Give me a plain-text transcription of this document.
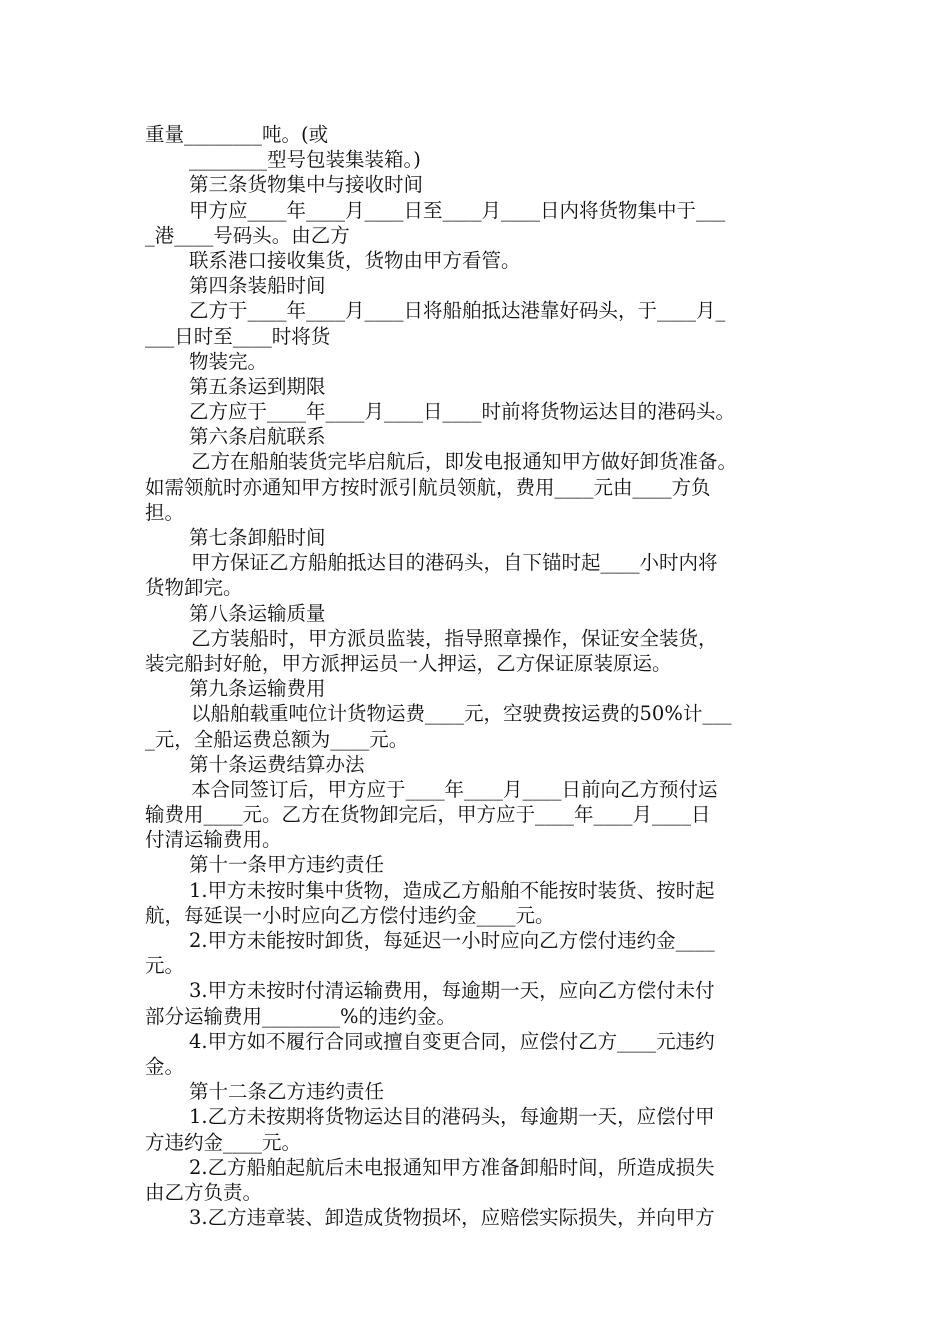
重量________吨。(或
________型号包装集装箱。)
第三条货物集中与接收时间
甲方应____年____月____日至____月____日内将货物集中于___
_港____号码头。由乙方
联系港口接收集货，货物由甲方看管。
第四条装船时间
乙方于____年____月____日将船舶抵达港靠好码头，于____月_
___日时至____时将货
物装完。
第五条运到期限
乙方应于____年____月____日____时前将货物运达目的港码头。
第六条启航联系
乙方在船舶装货完毕启航后，即发电报通知甲方做好卸货准备。
如需领航时亦通知甲方按时派引航员领航，费用____元由____方负
担。
第七条卸船时间
甲方保证乙方船舶抵达目的港码头，自下锚时起____小时内将
货物卸完。
第八条运输质量
乙方装船时，甲方派员监装，指导照章操作，保证安全装货，
装完船封好舱，甲方派押运员一人押运，乙方保证原装原运。
第九条运输费用
以船舶载重吨位计货物运费____元，空驶费按运费的50%计___
_元，全船运费总额为____元。
第十条运费结算办法
本合同签订后，甲方应于____年____月____日前向乙方预付运
输费用____元。乙方在货物卸完后，甲方应于____年____月____日
付清运输费用。
第十一条甲方违约责任
1.甲方未按时集中货物，造成乙方船舶不能按时装货、按时起
航，每延误一小时应向乙方偿付违约金____元。
2.甲方未能按时卸货，每延迟一小时应向乙方偿付违约金____
元。
3.甲方未按时付清运输费用，每逾期一天，应向乙方偿付未付
部分运输费用________%的违约金。
4.甲方如不履行合同或擅自变更合同，应偿付乙方____元违约
金。
第十二条乙方违约责任
1.乙方未按期将货物运达目的港码头，每逾期一天，应偿付甲
方违约金____元。
2.乙方船舶起航后未电报通知甲方准备卸船时间，所造成损失
由乙方负责。
3.乙方违章装、卸造成货物损坏，应赔偿实际损失，并向甲方
